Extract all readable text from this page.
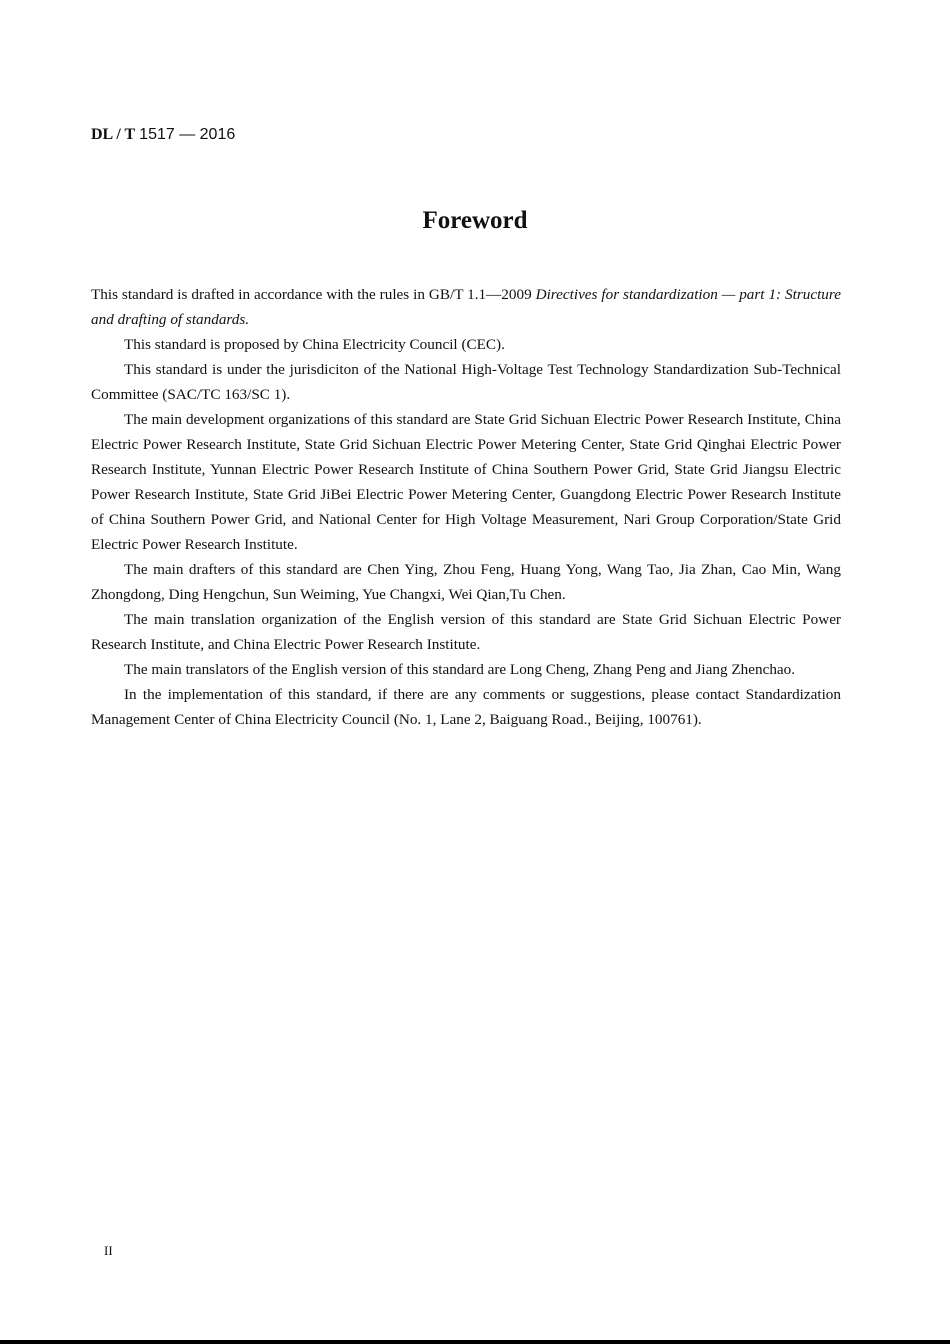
DL / T 1517 — 2016
Foreword

This standard is drafted in accordance with the rules in GB/T 1.1—2009 Directives for standardization — part 1: Structure and drafting of standards.

This standard is proposed by China Electricity Council (CEC).

This standard is under the jurisdiciton of the National High-Voltage Test Technology Standardization Sub-Technical Committee (SAC/TC 163/SC 1).

The main development organizations of this standard are State Grid Sichuan Electric Power Research Institute, China Electric Power Research Institute, State Grid Sichuan Electric Power Metering Center, State Grid Qinghai Electric Power Research Institute, Yunnan Electric Power Research Institute of China Southern Power Grid, State Grid Jiangsu Electric Power Research Institute, State Grid JiBei Electric Power Metering Center, Guangdong Electric Power Research Institute of China Southern Power Grid, and National Center for High Voltage Measurement, Nari Group Corporation/State Grid Electric Power Research Institute.

The main drafters of this standard are Chen Ying, Zhou Feng, Huang Yong, Wang Tao, Jia Zhan, Cao Min, Wang Zhongdong, Ding Hengchun, Sun Weiming, Yue Changxi, Wei Qian,Tu Chen.

The main translation organization of the English version of this standard are State Grid Sichuan Electric Power Research Institute, and China Electric Power Research Institute.

The main translators of the English version of this standard are Long Cheng, Zhang Peng and Jiang Zhenchao.

In the implementation of this standard, if there are any comments or suggestions, please contact Standardization Management Center of China Electricity Council (No. 1, Lane 2, Baiguang Road., Beijing, 100761).

II
